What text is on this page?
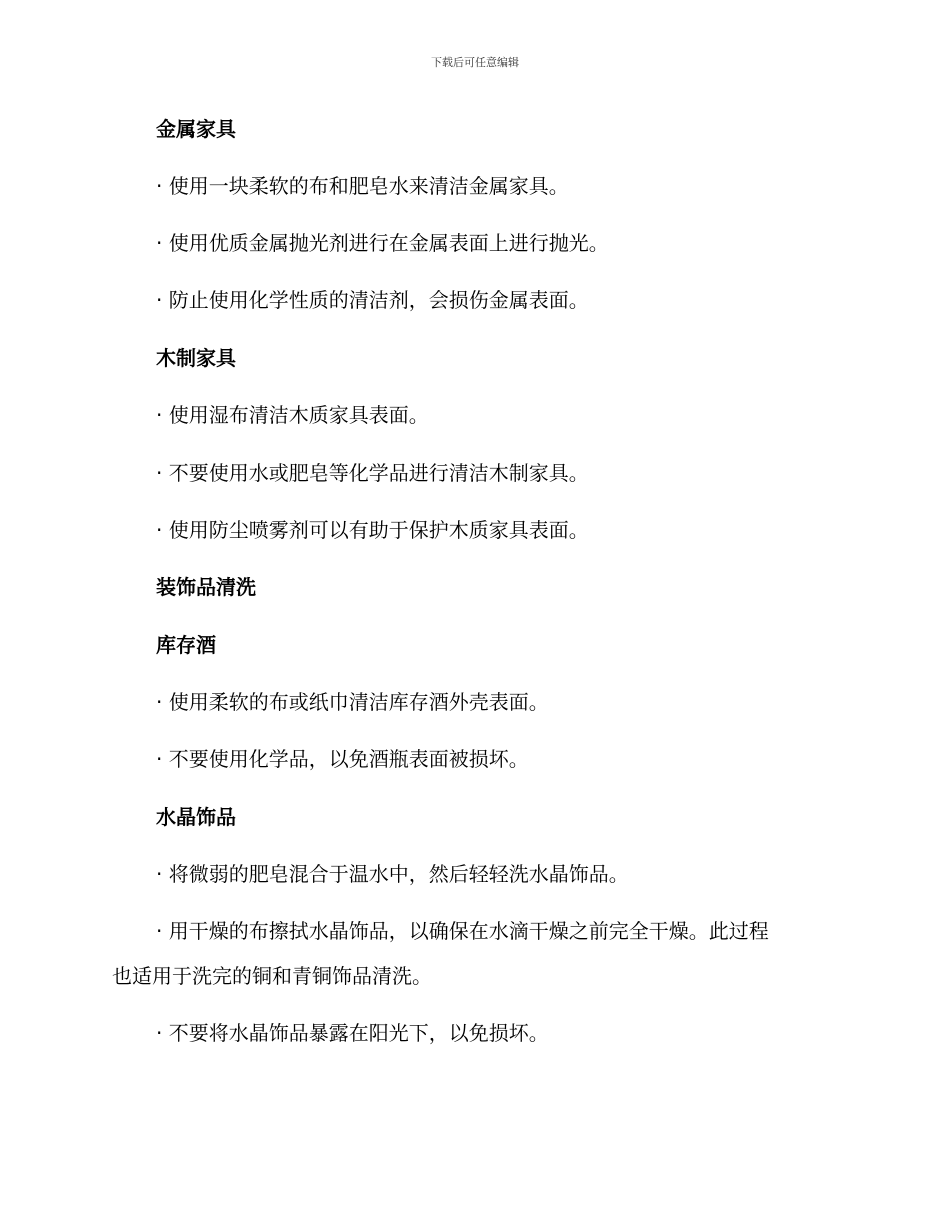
下载后可任意编辑
金属家具
· 使用一块柔软的布和肥皂水来清洁金属家具。
· 使用优质金属抛光剂进行在金属表面上进行抛光。
· 防止使用化学性质的清洁剂，会损伤金属表面。
木制家具
· 使用湿布清洁木质家具表面。
· 不要使用水或肥皂等化学品进行清洁木制家具。
· 使用防尘喷雾剂可以有助于保护木质家具表面。
装饰品清洗
库存酒
· 使用柔软的布或纸巾清洁库存酒外壳表面。
· 不要使用化学品，以免酒瓶表面被损坏。
水晶饰品
· 将微弱的肥皂混合于温水中，然后轻轻洗水晶饰品。
· 用干燥的布擦拭水晶饰品，以确保在水滴干燥之前完全干燥。此过程
也适用于洗完的铜和青铜饰品清洗。
· 不要将水晶饰品暴露在阳光下，以免损坏。
